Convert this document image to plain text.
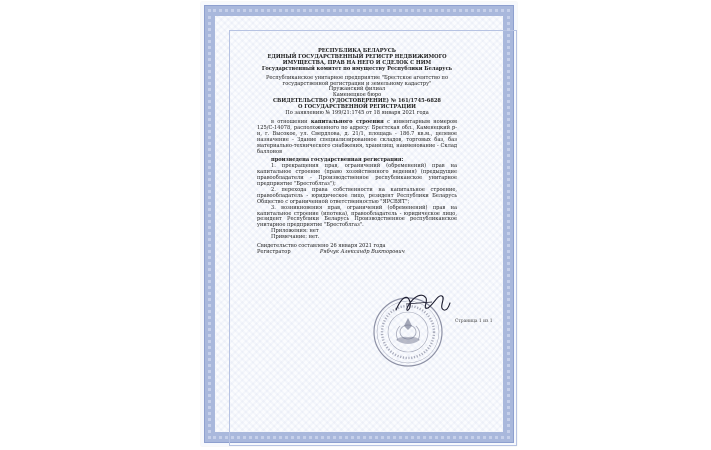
РЕСПУБЛИКА БЕЛАРУСЬ
ЕДИНЫЙ ГОСУДАРСТВЕННЫЙ РЕГИСТР НЕДВИЖИМОГО
ИМУЩЕСТВА, ПРАВ НА НЕГО И СДЕЛОК С НИМ
Государственный комитет по имуществу Республики Беларусь
Республиканское унитарное предприятие "Брестское агентство по
государственной регистрации и земельному кадастру"
Пружанский филиал
Каменецкое бюро
СВИДЕТЕЛЬСТВО (УДОСТОВЕРЕНИЕ) № 161/1745-6828
О ГОСУДАРСТВЕННОЙ РЕГИСТРАЦИИ
По заявлению № 199/21:1745 от 18 января 2021 года
в отношении капитального строения с инвентарным номером 125/С-14078, расположенного по адресу: Брестская обл., Каменецкий р-н, г. Высокое, ул. Свердлова, д. 21/1, площадь - 186.7 кв.м., целевое назначение - Здание специализированное складов, торговых баз, баз материально-технического снабжения, хранилищ, наименование - Склад баллонов
произведена государственная регистрация:
1. прекращения прав, ограничений (обременений) прав на капитальное строение (право хозяйственного ведения) (предыдущие правообладатели - Производственное республиканское унитарное предприятие "Брестоблгаз");
2. перехода права собственности на капитальное строение, правообладатель - юридическое лицо, резидент Республики Беларусь Общество с ограниченной ответственностью "ЯРСВЯТ";
3. возникновения прав, ограничений (обременений) прав на капитальное строение (ипотека), правообладатель - юридическое лицо, резидент Республики Беларусь Производственное республиканское унитарное предприятие "Брестоблгаз".
Приложения: нет
Примечание: нет.
Свидетельство составлено 26 января 2021 года
Регистратор	Рябчук Александр Викторович
Страница 1 из 1
